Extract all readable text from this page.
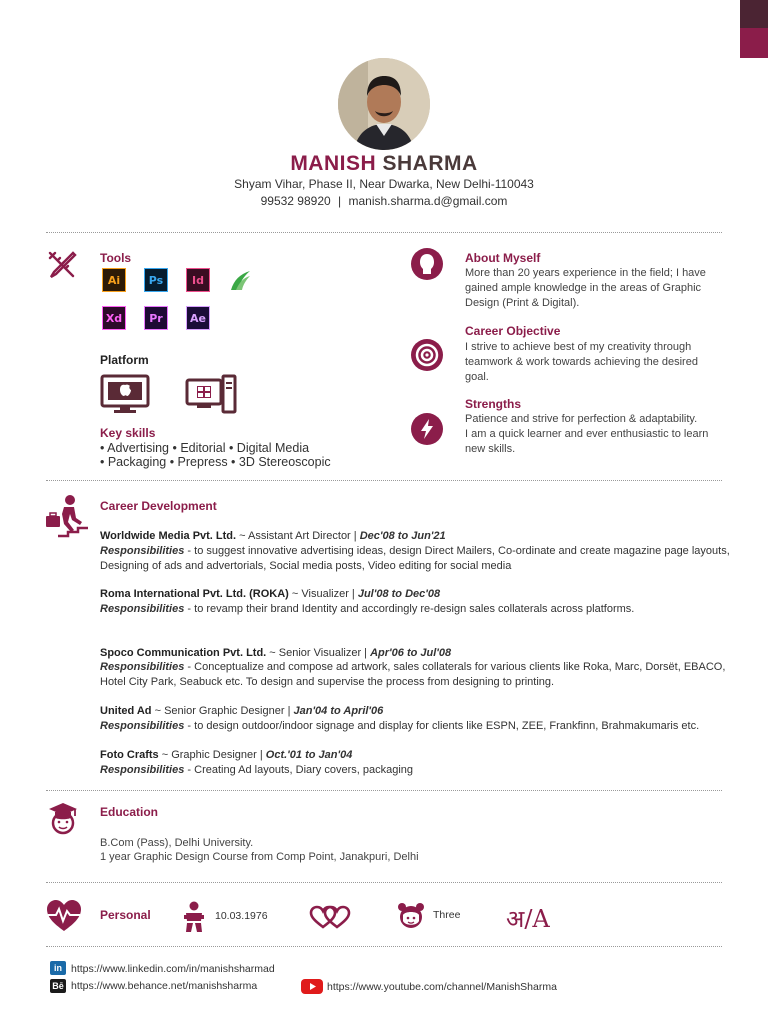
MANISH SHARMA
Shyam Vihar, Phase II, Near Dwarka, New Delhi-110043
99532 98920 | manish.sharma.d@gmail.com
Tools
Ai	Ps	Id
Xd	Pr	Ae
Platform
Key skills
• Advertising • Editorial • Digital Media
• Packaging • Prepress • 3D Stereoscopic
About Myself
More than 20 years experience in the field; I have
gained ample knowledge in the areas of Graphic
Design (Print & Digital).
Career Objective
I strive to achieve best of my creativity through
teamwork & work towards achieving the desired
goal.
Strengths
Patience and strive for perfection & adaptability.
I am a quick learner and ever enthusiastic to learn
new skills.
Career Development
Worldwide Media Pvt. Ltd. ~ Assistant Art Director | Dec'08 to Jun'21
Responsibilities - to suggest innovative advertising ideas, design Direct Mailers, Co-ordinate and create magazine page layouts,
Designing of ads and advertorials, Social media posts, Video editing for social media
Roma International Pvt. Ltd. (ROKA) ~ Visualizer | Jul'08 to Dec'08
Responsibilities - to revamp their brand Identity and accordingly re-design sales collaterals across platforms.
Spoco Communication Pvt. Ltd. ~ Senior Visualizer | Apr'06 to Jul'08
Responsibilities - Conceptualize and compose ad artwork, sales collaterals for various clients like Roka, Marc, Dorsët, EBACO,
Hotel City Park, Seabuck etc. To design and supervise the process from designing to printing.
United Ad ~ Senior Graphic Designer | Jan'04 to April'06
Responsibilities - to design outdoor/indoor signage and display for clients like ESPN, ZEE, Frankfinn, Brahmakumaris etc.
Foto Crafts ~ Graphic Designer | Oct.'01 to Jan'04
Responsibilities - Creating Ad layouts, Diary covers, packaging
Education
B.Com (Pass), Delhi University.
1 year Graphic Design Course from Comp Point, Janakpuri, Delhi
Personal	10.03.1976	Three अ/A
in https://www.linkedin.com/in/manishsharmad
Bē https://www.behance.net/manishsharma	https://www.youtube.com/channel/ManishSharma
